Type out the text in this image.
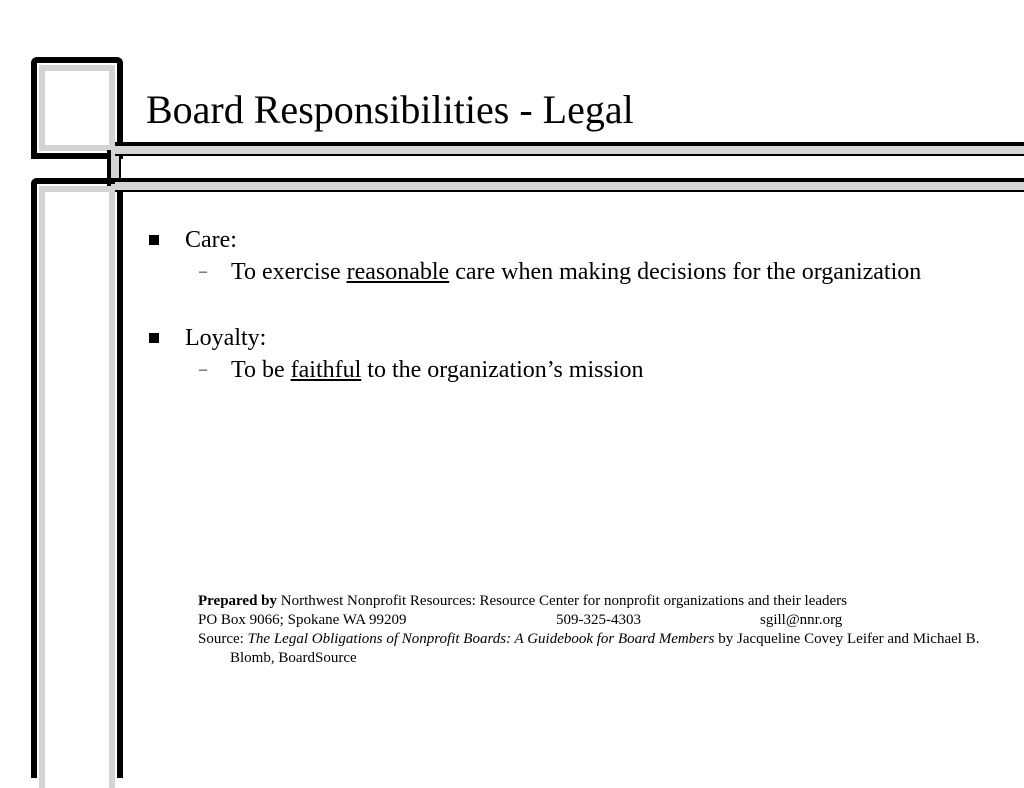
Board Responsibilities - Legal
Care:
– To exercise reasonable care when making decisions for the organization
Loyalty:
– To be faithful to the organization’s mission
Prepared by Northwest Nonprofit Resources: Resource Center for nonprofit organizations and their leaders
PO Box 9066; Spokane WA 99209	509-325-4303	sgill@nnr.org
Source: The Legal Obligations of Nonprofit Boards: A Guidebook for Board Members by Jacqueline Covey Leifer and Michael B. Blomb, BoardSource
